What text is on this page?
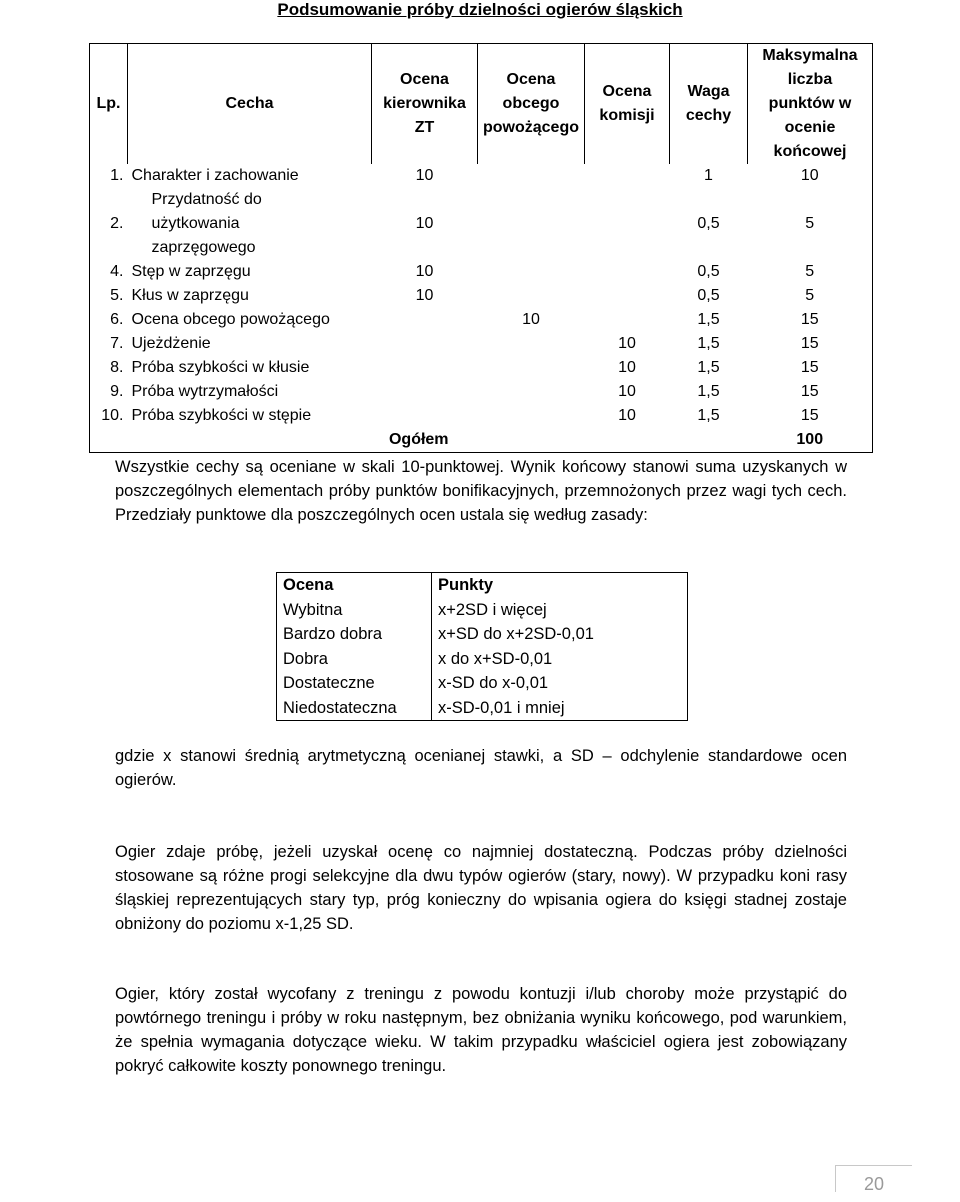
Podsumowanie próby dzielności ogierów śląskich
Lp.	Cecha	Ocena kierownika ZT	Ocena obcego powożącego	Ocena komisji	Waga cechy	Maksymalna liczba punktów w ocenie końcowej
1.	Charakter i zachowanie	10			1	10
2.	Przydatność do użytkowania zaprzęgowego	10			0,5	5
4.	Stęp w zaprzęgu	10			0,5	5
5.	Kłus w zaprzęgu	10			0,5	5
6.	Ocena obcego powożącego		10		1,5	15
7.	Ujeżdżenie			10	1,5	15
8.	Próba szybkości w kłusie			10	1,5	15
9.	Próba wytrzymałości			10	1,5	15
10.	Próba szybkości w stępie			10	1,5	15
Ogółem						100
Wszystkie cechy są oceniane w skali 10-punktowej. Wynik końcowy stanowi suma uzyskanych w poszczególnych elementach próby punktów bonifikacyjnych, przemnożonych przez wagi tych cech. Przedziały punktowe dla poszczególnych ocen ustala się według zasady:
Ocena	Punkty
Wybitna	x+2SD i więcej
Bardzo dobra	x+SD do x+2SD-0,01
Dobra	x do x+SD-0,01
Dostateczne	x-SD do x-0,01
Niedostateczna	x-SD-0,01 i mniej
gdzie x stanowi średnią arytmetyczną ocenianej stawki, a SD – odchylenie standardowe ocen ogierów.
Ogier zdaje próbę, jeżeli uzyskał ocenę co najmniej dostateczną. Podczas próby dzielności stosowane są różne progi selekcyjne dla dwu typów ogierów (stary, nowy). W przypadku koni rasy śląskiej reprezentujących stary typ, próg konieczny do wpisania ogiera do księgi stadnej zostaje obniżony do poziomu x-1,25 SD.
Ogier, który został wycofany z treningu z powodu kontuzji i/lub choroby może przystąpić do powtórnego treningu i próby w roku następnym, bez obniżania wyniku końcowego, pod warunkiem, że spełnia wymagania dotyczące wieku. W takim przypadku właściciel ogiera jest zobowiązany pokryć całkowite koszty ponownego treningu.
20
